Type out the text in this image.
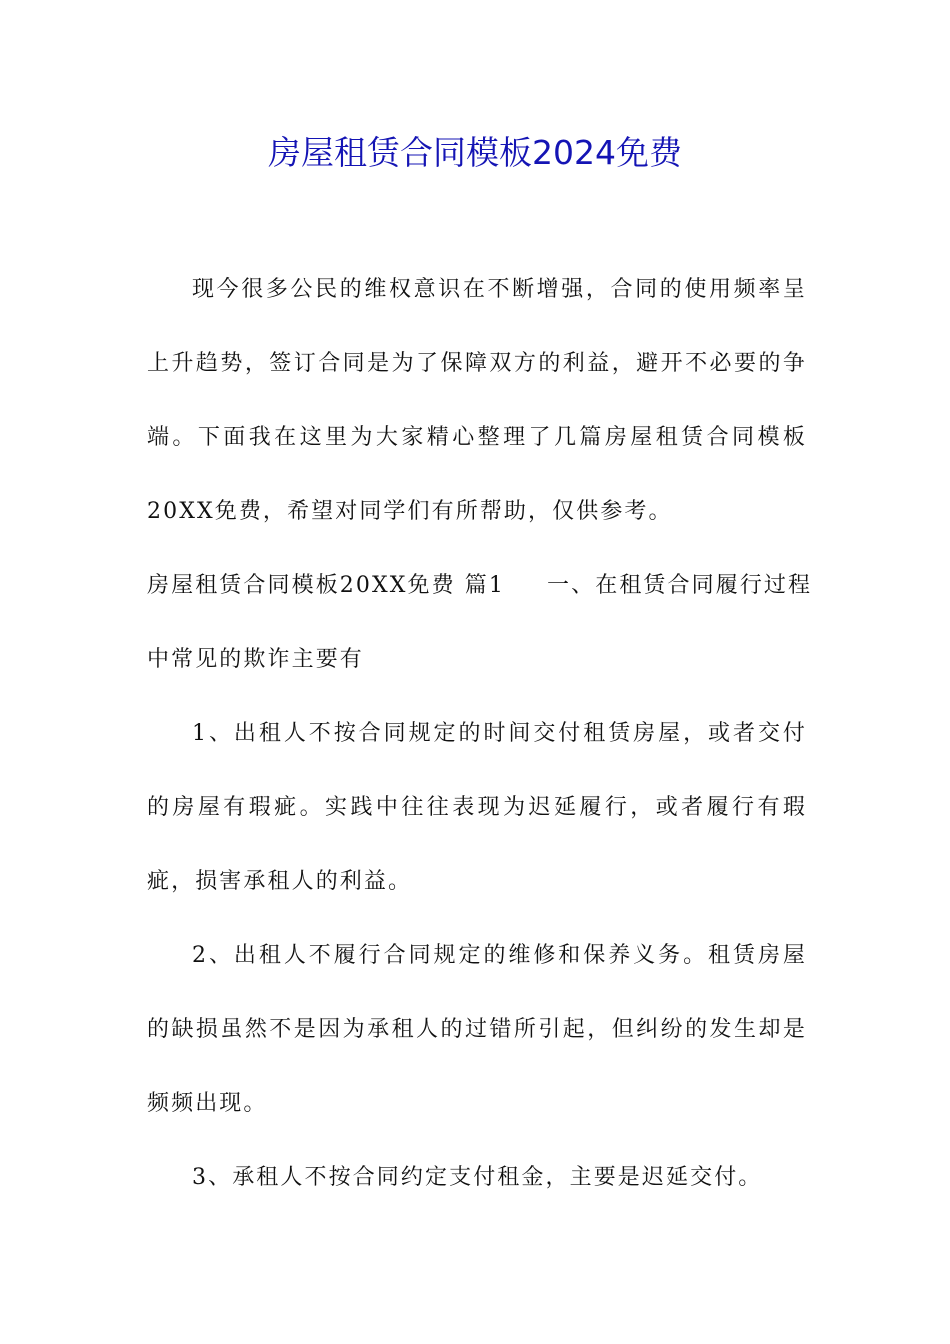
房屋租赁合同模板2024免费
现今很多公民的维权意识在不断增强，合同的使用频率呈上升趋势，签订合同是为了保障双方的利益，避开不必要的争端。下面我在这里为大家精心整理了几篇房屋租赁合同模板20XX免费，希望对同学们有所帮助，仅供参考。
房屋租赁合同模板20XX免费 篇1 一、在租赁合同履行过程
中常见的欺诈主要有
1、出租人不按合同规定的时间交付租赁房屋，或者交付的房屋有瑕疵。实践中往往表现为迟延履行，或者履行有瑕疵，损害承租人的利益。
2、出租人不履行合同规定的维修和保养义务。租赁房屋的缺损虽然不是因为承租人的过错所引起，但纠纷的发生却是频频出现。
3、承租人不按合同约定支付租金，主要是迟延交付。
